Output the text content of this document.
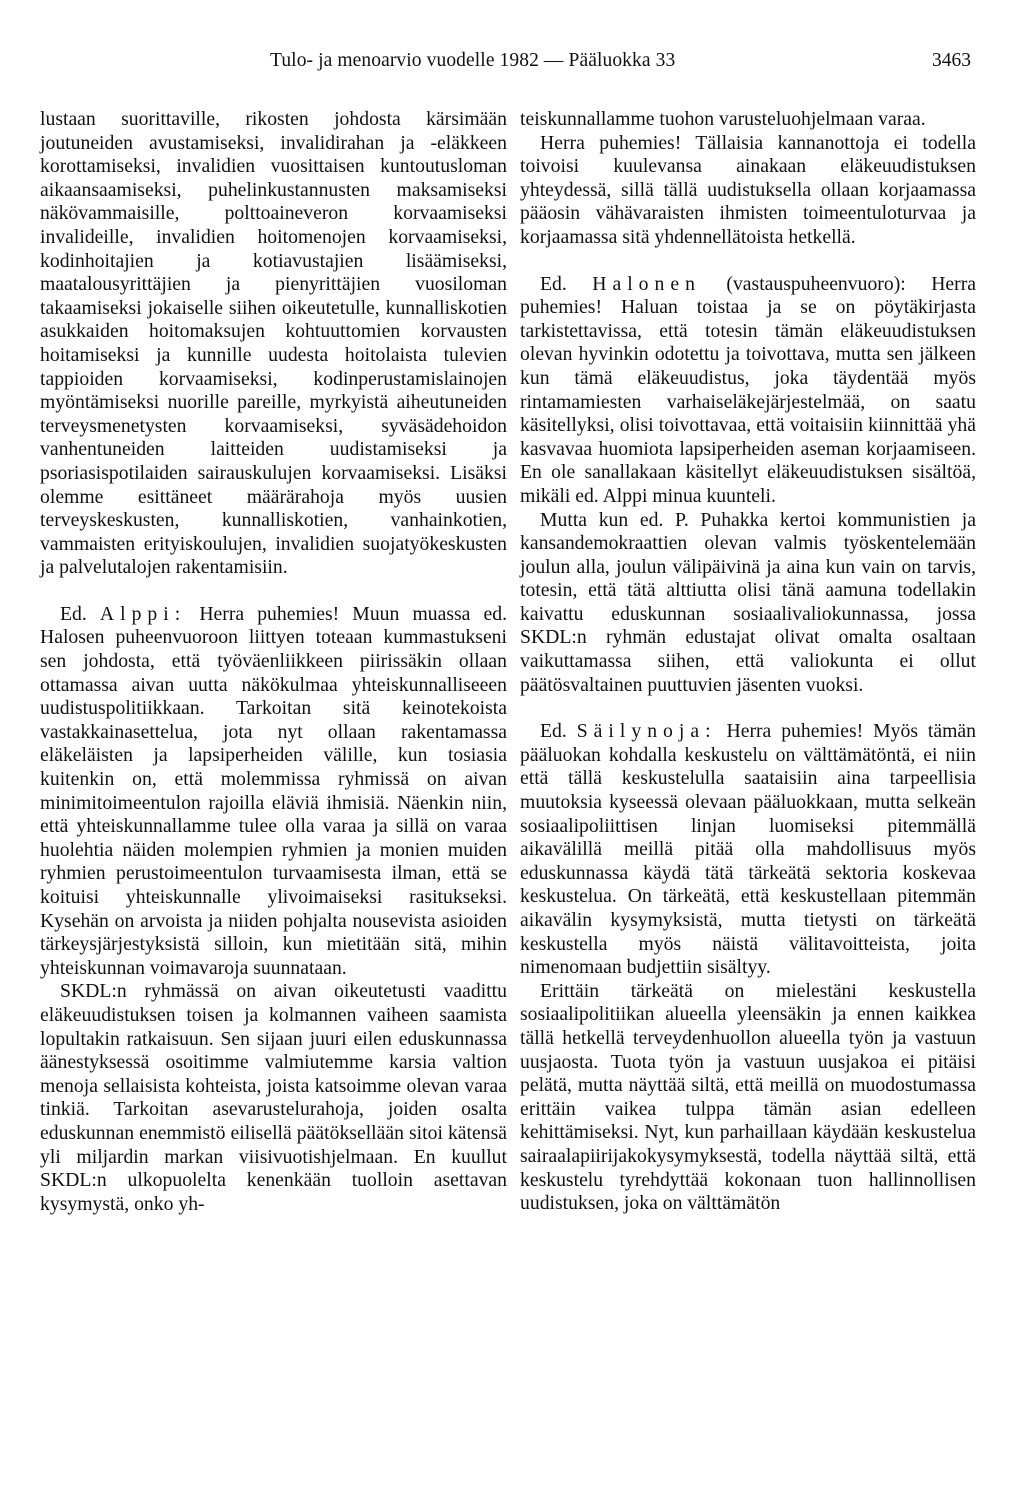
Tulo- ja menoarvio vuodelle 1982 — Pääluokka 33	3463

lustaan suorittaville, rikosten johdosta kärsimään joutuneiden avustamiseksi, invalidirahan ja -eläkkeen korottamiseksi, invalidien vuosittaisen kuntoutusloman aikaansaamiseksi, puhelinkustannusten maksamiseksi näkövammaisille, polttoaineveron korvaamiseksi invalideille, invalidien hoitomenojen korvaamiseksi, kodinhoitajien ja kotiavustajien lisäämiseksi, maatalousyrittäjien ja pienyrittäjien vuosiloman takaamiseksi jokaiselle siihen oikeutetulle, kunnalliskotien asukkaiden hoitomaksujen kohtuuttomien korvausten hoitamiseksi ja kunnille uudesta hoitolaista tulevien tappioiden korvaamiseksi, kodinperustamislainojen myöntämiseksi nuorille pareille, myrkyistä aiheutuneiden terveysmenetysten korvaamiseksi, syväsädehoidon vanhentuneiden laitteiden uudistamiseksi ja psoriasispotilaiden sairauskulujen korvaamiseksi. Lisäksi olemme esittäneet määrärahoja myös uusien terveyskeskusten, kunnalliskotien, vanhainkotien, vammaisten erityiskoulujen, invalidien suojatyökeskusten ja palvelutalojen rakentamisiin.

Ed. Alppi: Herra puhemies! Muun muassa ed. Halosen puheenvuoroon liittyen toteaan kummastukseni sen johdosta, että työväenliikkeen piirissäkin ollaan ottamassa aivan uutta näkökulmaa yhteiskunnalliseeen uudistuspolitiikkaan. Tarkoitan sitä keinotekoista vastakkainasettelua, jota nyt ollaan rakentamassa eläkeläisten ja lapsiperheiden välille, kun tosiasia kuitenkin on, että molemmissa ryhmissä on aivan minimitoimeentulon rajoilla eläviä ihmisiä. Näenkin niin, että yhteiskunnallamme tulee olla varaa ja sillä on varaa huolehtia näiden molempien ryhmien ja monien muiden ryhmien perustoimeentulon turvaamisesta ilman, että se koituisi yhteiskunnalle ylivoimaiseksi rasitukseksi. Kysehän on arvoista ja niiden pohjalta nousevista asioiden tärkeysjärjestyksistä silloin, kun mietitään sitä, mihin yhteiskunnan voimavaroja suunnataan.

SKDL:n ryhmässä on aivan oikeutetusti vaadittu eläkeuudistuksen toisen ja kolmannen vaiheen saamista lopultakin ratkaisuun. Sen sijaan juuri eilen eduskunnassa äänestyksessä osoitimme valmiutemme karsia valtion menoja sellaisista kohteista, joista katsoimme olevan varaa tinkiä. Tarkoitan asevarustelurahoja, joiden osalta eduskunnan enemmistö eilisellä päätöksellään sitoi kätensä yli miljardin markan viisivuotishjelmaan. En kuullut SKDL:n ulkopuolelta kenenkään tuolloin asettavan kysymystä, onko yh-

teiskunnallamme tuohon varusteluohjelmaan varaa.

Herra puhemies! Tällaisia kannanottoja ei todella toivoisi kuulevansa ainakaan eläkeuudistuksen yhteydessä, sillä tällä uudistuksella ollaan korjaamassa pääosin vähävaraisten ihmisten toimeentuloturvaa ja korjaamassa sitä yhdennellätoista hetkellä.

Ed. Halonen (vastauspuheenvuoro): Herra puhemies! Haluan toistaa ja se on pöytäkirjasta tarkistettavissa, että totesin tämän eläkeuudistuksen olevan hyvinkin odotettu ja toivottava, mutta sen jälkeen kun tämä eläkeuudistus, joka täydentää myös rintamamiesten varhaiseläkejärjestelmää, on saatu käsitellyksi, olisi toivottavaa, että voitaisiin kiinnittää yhä kasvavaa huomiota lapsiperheiden aseman korjaamiseen. En ole sanallakaan käsitellyt eläkeuudistuksen sisältöä, mikäli ed. Alppi minua kuunteli.

Mutta kun ed. P. Puhakka kertoi kommunistien ja kansandemokraattien olevan valmis työskentelemään joulun alla, joulun välipäivinä ja aina kun vain on tarvis, totesin, että tätä alttiutta olisi tänä aamuna todellakin kaivattu eduskunnan sosiaalivaliokunnassa, jossa SKDL:n ryhmän edustajat olivat omalta osaltaan vaikuttamassa siihen, että valiokunta ei ollut päätösvaltainen puuttuvien jäsenten vuoksi.

Ed. Säilynoja: Herra puhemies! Myös tämän pääluokan kohdalla keskustelu on välttämätöntä, ei niin että tällä keskustelulla saataisiin aina tarpeellisia muutoksia kyseessä olevaan pääluokkaan, mutta selkeän sosiaalipoliittisen linjan luomiseksi pitemmällä aikavälillä meillä pitää olla mahdollisuus myös eduskunnassa käydä tätä tärkeätä sektoria koskevaa keskustelua. On tärkeätä, että keskustellaan pitemmän aikavälin kysymyksistä, mutta tietysti on tärkeätä keskustella myös näistä välitavoitteista, joita nimenomaan budjettiin sisältyy.

Erittäin tärkeätä on mielestäni keskustella sosiaalipolitiikan alueella yleensäkin ja ennen kaikkea tällä hetkellä terveydenhuollon alueella työn ja vastuun uusjaosta. Tuota työn ja vastuun uusjakoa ei pitäisi pelätä, mutta näyttää siltä, että meillä on muodostumassa erittäin vaikea tulppa tämän asian edelleen kehittämiseksi. Nyt, kun parhaillaan käydään keskustelua sairaalapiirijakokysymyksestä, todella näyttää siltä, että keskustelu tyrehdyttää kokonaan tuon hallinnollisen uudistuksen, joka on välttämätön
